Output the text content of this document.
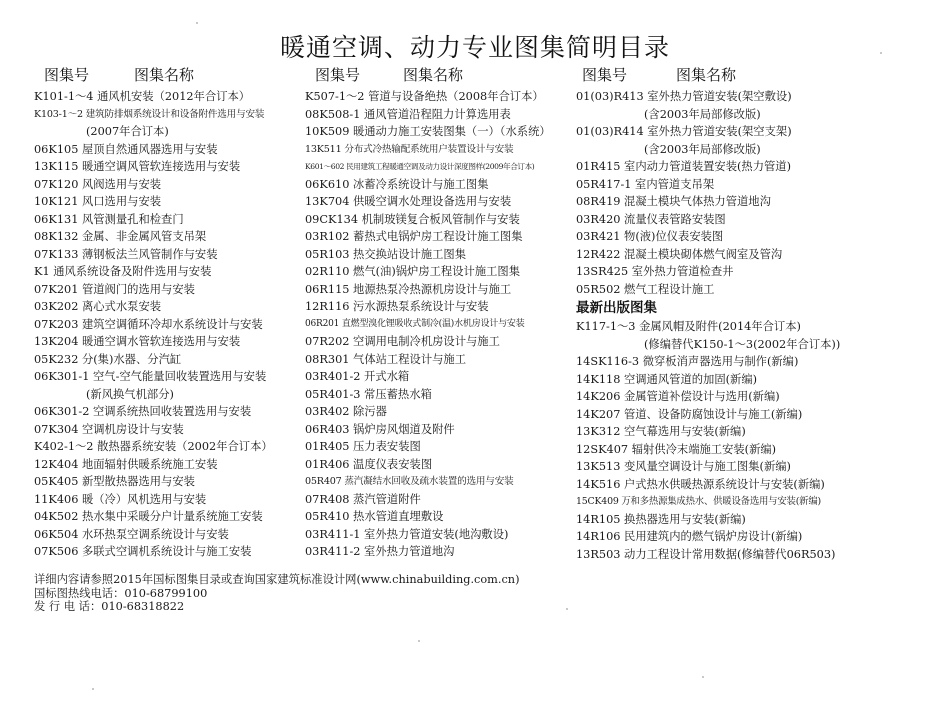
暖通空调、动力专业图集简明目录
图集号	图集名称
K101-1～4 通风机安装（2012年合订本）
K103-1～2 建筑防排烟系统设计和设备附件选用与安装
(2007年合订本)
06K105 屋顶自然通风器选用与安装
13K115 暖通空调风管软连接选用与安装
07K120 风阀选用与安装
10K121 风口选用与安装
06K131 风管测量孔和检查门
08K132 金属、非金属风管支吊架
07K133 薄钢板法兰风管制作与安装
K1 通风系统设备及附件选用与安装
07K201 管道阀门的选用与安装
03K202 离心式水泵安装
07K203 建筑空调循环冷却水系统设计与安装
13K204 暖通空调水管软连接选用与安装
05K232 分(集)水器、分汽缸
06K301-1 空气-空气能量回收装置选用与安装
(新风换气机部分)
06K301-2 空调系统热回收装置选用与安装
07K304 空调机房设计与安装
K402-1～2 散热器系统安装（2002年合订本）
12K404 地面辐射供暖系统施工安装
05K405 新型散热器选用与安装
11K406 暖（冷）风机选用与安装
04K502 热水集中采暖分户计量系统施工安装
06K504 水环热泵空调系统设计与安装
07K506 多联式空调机系统设计与施工安装
图集号	图集名称
K507-1～2 管道与设备绝热（2008年合订本）
08K508-1 通风管道沿程阻力计算选用表
10K509 暖通动力施工安装图集（一）（水系统）
13K511 分布式冷热输配系统用户装置设计与安装
K601～602 民用建筑工程暖通空调及动力设计深度图样(2009年合订本)
06K610 冰蓄冷系统设计与施工图集
13K704 供暖空调水处理设备选用与安装
09CK134 机制玻镁复合板风管制作与安装
03R102 蓄热式电锅炉房工程设计施工图集
05R103 热交换站设计施工图集
02R110 燃气(油)锅炉房工程设计施工图集
06R115 地源热泵冷热源机房设计与施工
12R116 污水源热泵系统设计与安装
06R201 直燃型溴化锂吸收式制冷(温)水机房设计与安装
07R202 空调用电制冷机房设计与施工
08R301 气体站工程设计与施工
03R401-2 开式水箱
05R401-3 常压蓄热水箱
03R402 除污器
06R403 锅炉房风烟道及附件
01R405 压力表安装图
01R406 温度仪表安装图
05R407 蒸汽凝结水回收及疏水装置的选用与安装
07R408 蒸汽管道附件
05R410 热水管道直埋敷设
03R411-1 室外热力管道安装(地沟敷设)
03R411-2 室外热力管道地沟
图集号	图集名称
01(03)R413 室外热力管道安装(架空敷设)
(含2003年局部修改版)
01(03)R414 室外热力管道安装(架空支架)
(含2003年局部修改版)
01R415 室内动力管道装置安装(热力管道)
05R417-1 室内管道支吊架
08R419 混凝土模块气体热力管道地沟
03R420 流量仪表管路安装图
03R421 物(液)位仪表安装图
12R422 混凝土模块砌体燃气阀室及管沟
13SR425 室外热力管道检查井
05R502 燃气工程设计施工
最新出版图集
K117-1～3 金属风帽及附件(2014年合订本)
(修编替代K150-1～3(2002年合订本))
14SK116-3 微穿板消声器选用与制作(新编)
14K118 空调通风管道的加固(新编)
14K206 金属管道补偿设计与选用(新编)
14K207 管道、设备防腐蚀设计与施工(新编)
13K312 空气幕选用与安装(新编)
12SK407 辐射供冷末端施工安装(新编)
13K513 变风量空调设计与施工图集(新编)
14K516 户式热水供暖热源系统设计与安装(新编)
15CK409 万和多热源集成热水、供暖设备选用与安装(新编)
14R105 换热器选用与安装(新编)
14R106 民用建筑内的燃气锅炉房设计(新编)
13R503 动力工程设计常用数据(修编替代06R503)
详细内容请参照2015年国标图集目录或查询国家建筑标准设计网(www.chinabuilding.com.cn)
国标图热线电话：010-68799100
发 行 电 话：010-68318822
